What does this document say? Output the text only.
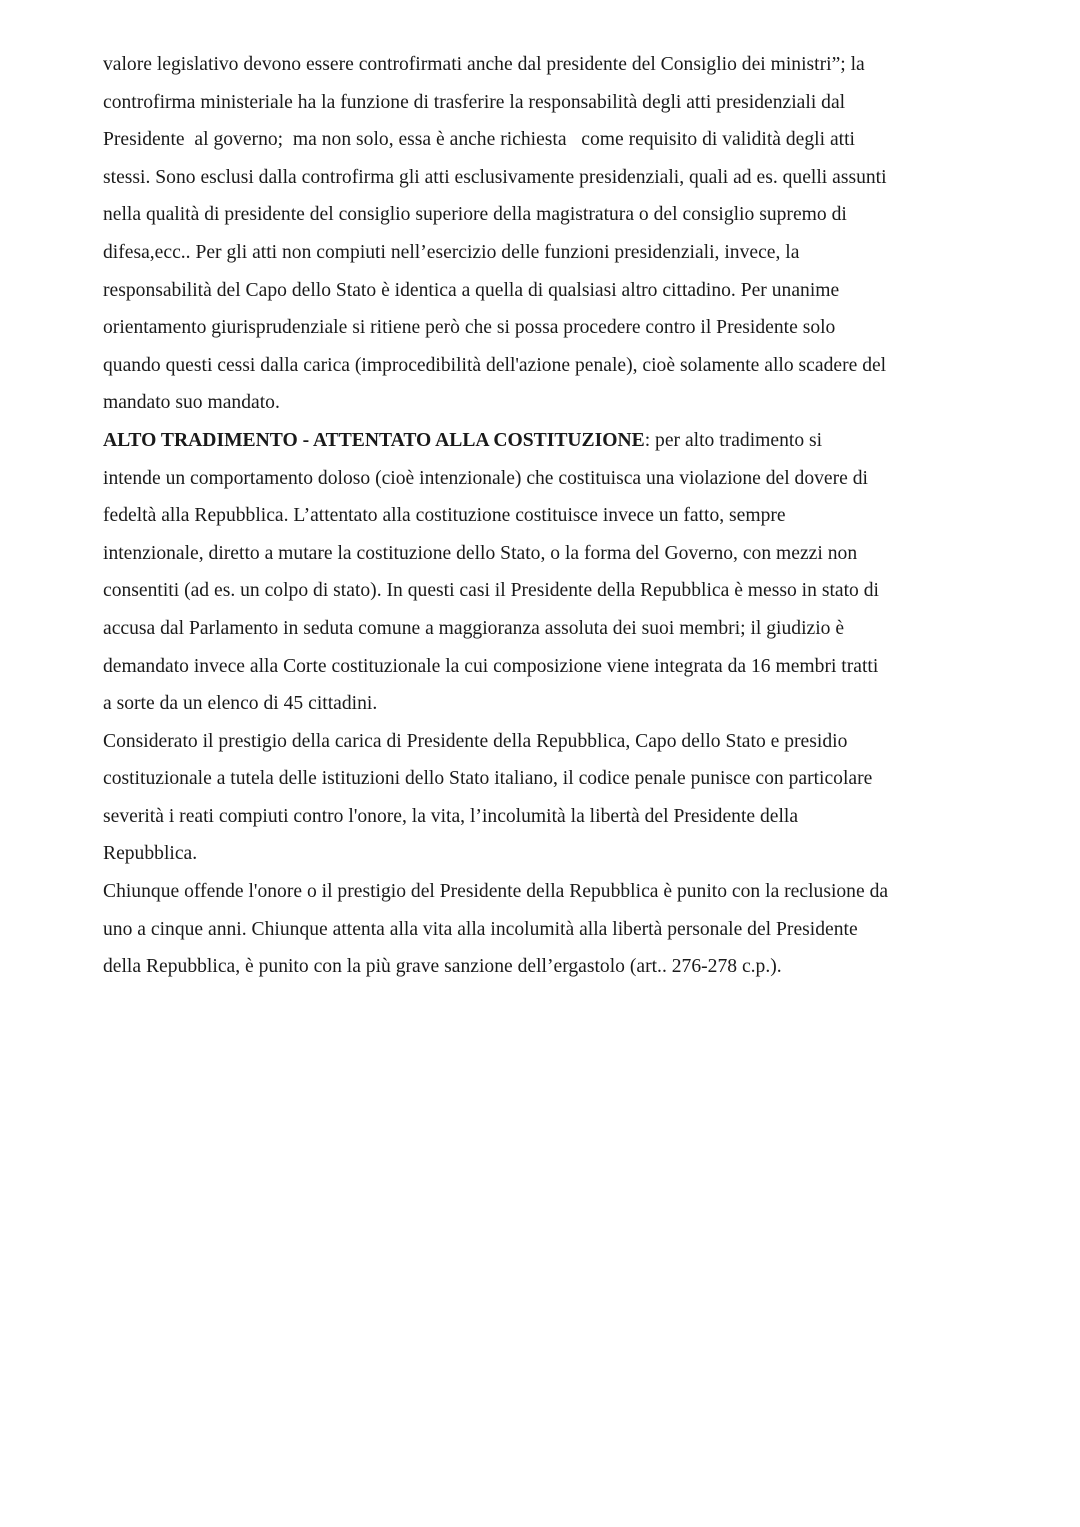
valore legislativo devono essere controfirmati anche dal presidente del Consiglio dei ministri”; la
controfirma ministeriale ha la funzione di trasferire la responsabilità degli atti presidenziali dal
Presidente  al governo;  ma non solo, essa è anche richiesta   come requisito di validità degli atti
stessi. Sono esclusi dalla controfirma gli atti esclusivamente presidenziali, quali ad es. quelli assunti
nella qualità di presidente del consiglio superiore della magistratura o del consiglio supremo di
difesa,ecc.. Per gli atti non compiuti nell’esercizio delle funzioni presidenziali, invece, la
responsabilità del Capo dello Stato è identica a quella di qualsiasi altro cittadino. Per unanime
orientamento giurisprudenziale si ritiene però che si possa procedere contro il Presidente solo
quando questi cessi dalla carica (improcedibilità dell'azione penale), cioè solamente allo scadere del
mandato suo mandato.
ALTO TRADIMENTO - ATTENTATO ALLA COSTITUZIONE: per alto tradimento si
intende un comportamento doloso (cioè intenzionale) che costituisca una violazione del dovere di
fedeltà alla Repubblica. L’attentato alla costituzione costituisce invece un fatto, sempre
intenzionale, diretto a mutare la costituzione dello Stato, o la forma del Governo, con mezzi non
consentiti (ad es. un colpo di stato). In questi casi il Presidente della Repubblica è messo in stato di
accusa dal Parlamento in seduta comune a maggioranza assoluta dei suoi membri; il giudizio è
demandato invece alla Corte costituzionale la cui composizione viene integrata da 16 membri tratti
a sorte da un elenco di 45 cittadini.
Considerato il prestigio della carica di Presidente della Repubblica, Capo dello Stato e presidio
costituzionale a tutela delle istituzioni dello Stato italiano, il codice penale punisce con particolare
severità i reati compiuti contro l'onore, la vita, l’incolumità la libertà del Presidente della
Repubblica.
Chiunque offende l'onore o il prestigio del Presidente della Repubblica è punito con la reclusione da
uno a cinque anni. Chiunque attenta alla vita alla incolumità alla libertà personale del Presidente
della Repubblica, è punito con la più grave sanzione dell’ergastolo (art.. 276-278 c.p.).
